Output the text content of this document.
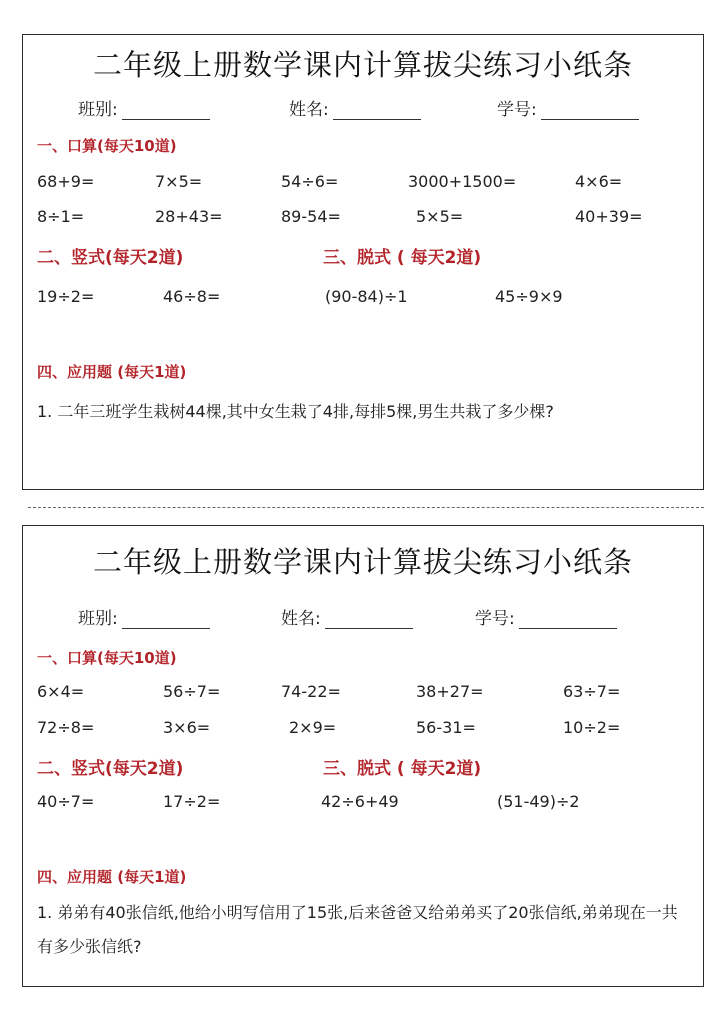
二年级上册数学课内计算拔尖练习小纸条
班别:	姓名:	学号:
一、口算(每天10道)
68+9=	7×5=	54÷6=	3000+1500=	4×6=
8÷1=	28+43=	89-54=	5×5=	40+39=
二、竖式(每天2道)	三、脱式 ( 每天2道)
19÷2=	46÷8=	(90-84)÷1	45÷9×9
四、应用题 (每天1道)
1. 二年三班学生栽树44棵,其中女生栽了4排,每排5棵,男生共栽了多少棵?
二年级上册数学课内计算拔尖练习小纸条
班别:	姓名:	学号:
一、口算(每天10道)
6×4=	56÷7=	74-22=	38+27=	63÷7=
72÷8=	3×6=	2×9=	56-31=	10÷2=
二、竖式(每天2道)	三、脱式 ( 每天2道)
40÷7=	17÷2=	42÷6+49	(51-49)÷2
四、应用题 (每天1道)
1. 弟弟有40张信纸,他给小明写信用了15张,后来爸爸又给弟弟买了20张信纸,弟弟现在一共有多少张信纸?
